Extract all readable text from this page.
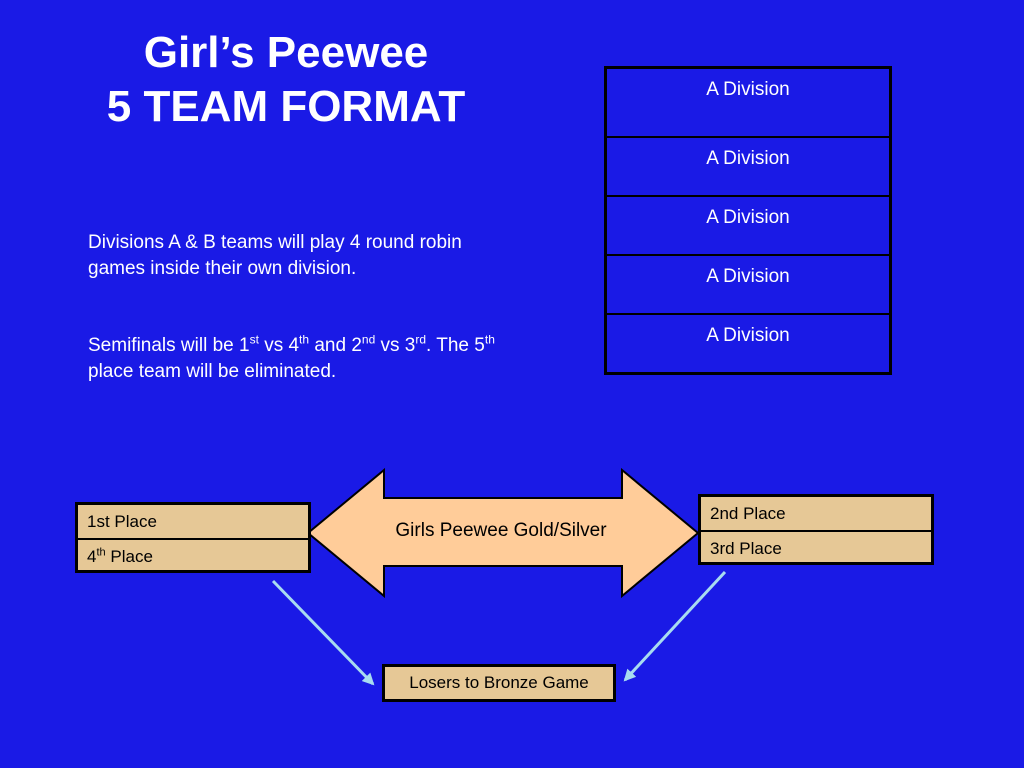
Girl’s Peewee
5 TEAM FORMAT
Divisions A & B teams will play 4 round robin games inside their own division.
Semifinals will be 1st vs 4th and 2nd vs 3rd. The 5th place team will be eliminated.
A Division
A Division
A Division
A Division
A Division
Girls Peewee Gold/Silver
1st Place
4th Place
2nd Place
3rd Place
Losers to Bronze Game
